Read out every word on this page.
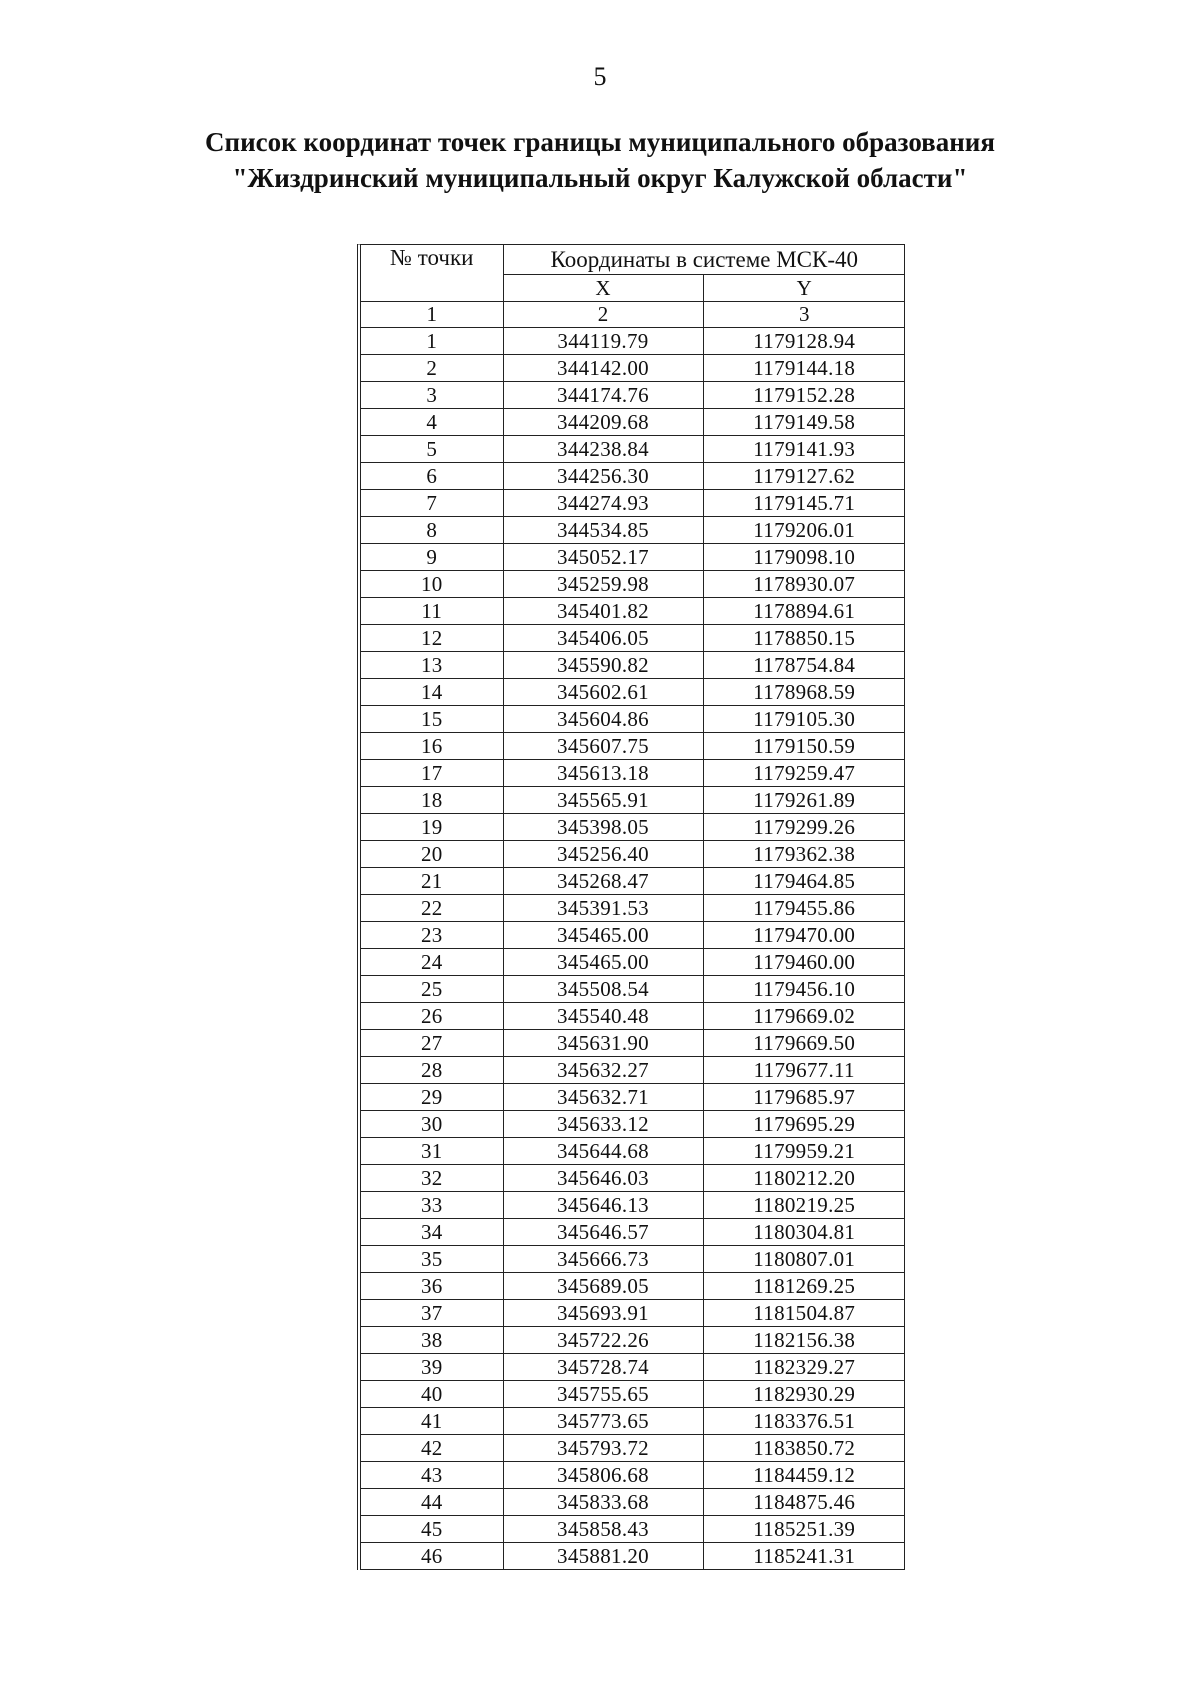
5
Список координат точек границы муниципального образования
"Жиздринский муниципальный округ Калужской области"
№ точки	Координаты в системе МСК-40	
	X	Y
1	2	3
1	344119.79	1179128.94
2	344142.00	1179144.18
3	344174.76	1179152.28
4	344209.68	1179149.58
5	344238.84	1179141.93
6	344256.30	1179127.62
7	344274.93	1179145.71
8	344534.85	1179206.01
9	345052.17	1179098.10
10	345259.98	1178930.07
11	345401.82	1178894.61
12	345406.05	1178850.15
13	345590.82	1178754.84
14	345602.61	1178968.59
15	345604.86	1179105.30
16	345607.75	1179150.59
17	345613.18	1179259.47
18	345565.91	1179261.89
19	345398.05	1179299.26
20	345256.40	1179362.38
21	345268.47	1179464.85
22	345391.53	1179455.86
23	345465.00	1179470.00
24	345465.00	1179460.00
25	345508.54	1179456.10
26	345540.48	1179669.02
27	345631.90	1179669.50
28	345632.27	1179677.11
29	345632.71	1179685.97
30	345633.12	1179695.29
31	345644.68	1179959.21
32	345646.03	1180212.20
33	345646.13	1180219.25
34	345646.57	1180304.81
35	345666.73	1180807.01
36	345689.05	1181269.25
37	345693.91	1181504.87
38	345722.26	1182156.38
39	345728.74	1182329.27
40	345755.65	1182930.29
41	345773.65	1183376.51
42	345793.72	1183850.72
43	345806.68	1184459.12
44	345833.68	1184875.46
45	345858.43	1185251.39
46	345881.20	1185241.31
